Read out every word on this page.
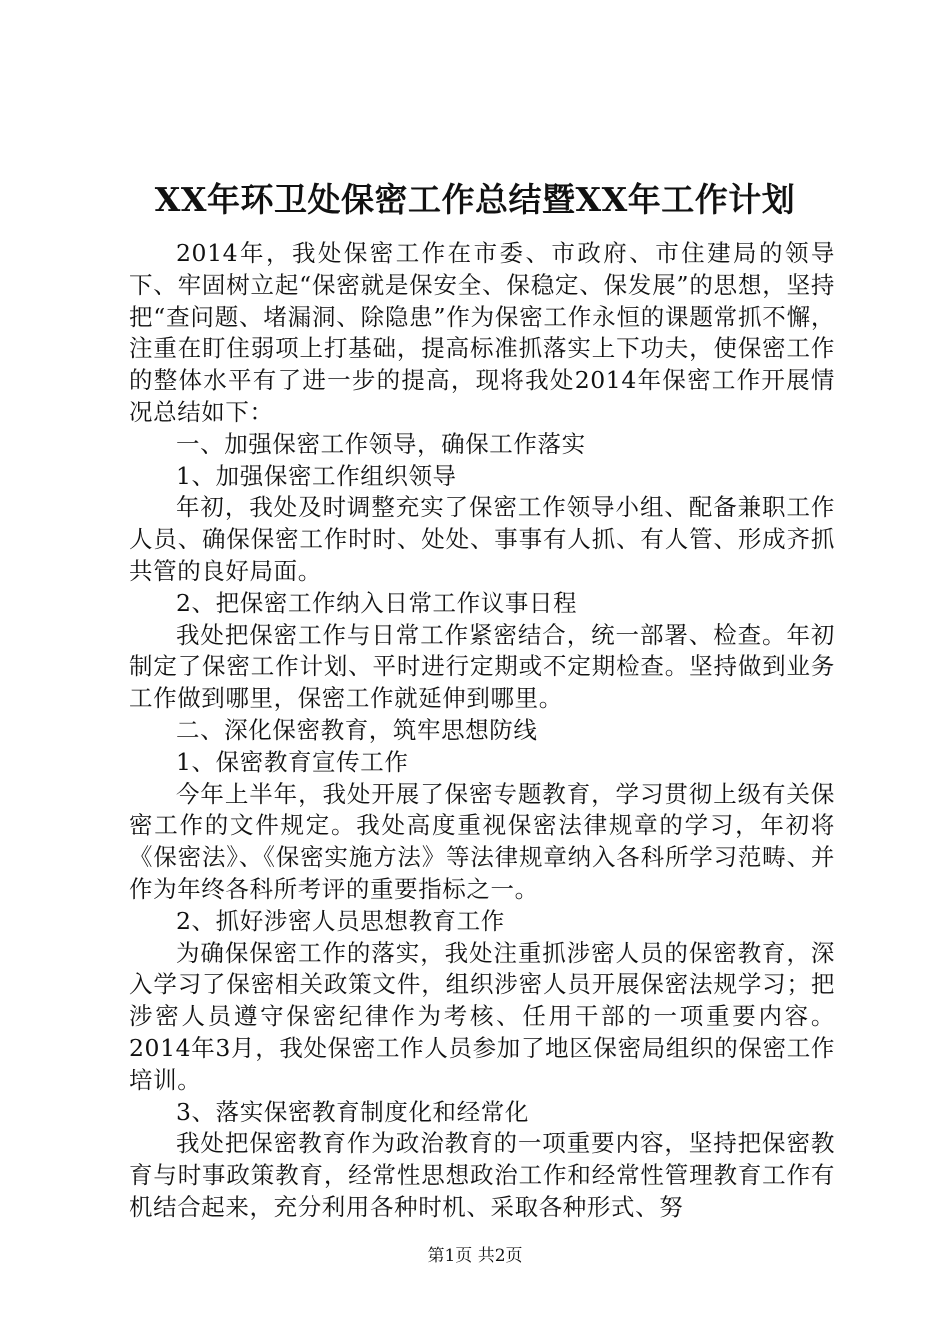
XX年环卫处保密工作总结暨XX年工作计划

2014年，我处保密工作在市委、市政府、市住建局的领导下、牢固树立起“保密就是保安全、保稳定、保发展”的思想，坚持把“查问题、堵漏洞、除隐患”作为保密工作永恒的课题常抓不懈，注重在盯住弱项上打基础，提高标准抓落实上下功夫，使保密工作的整体水平有了进一步的提高，现将我处2014年保密工作开展情况总结如下：

一、加强保密工作领导，确保工作落实

1、加强保密工作组织领导

年初，我处及时调整充实了保密工作领导小组、配备兼职工作人员、确保保密工作时时、处处、事事有人抓、有人管、形成齐抓共管的良好局面。

2、把保密工作纳入日常工作议事日程

我处把保密工作与日常工作紧密结合，统一部署、检查。年初制定了保密工作计划、平时进行定期或不定期检查。坚持做到业务工作做到哪里，保密工作就延伸到哪里。

二、深化保密教育，筑牢思想防线

1、保密教育宣传工作

今年上半年，我处开展了保密专题教育，学习贯彻上级有关保密工作的文件规定。我处高度重视保密法律规章的学习，年初将《保密法》、《保密实施方法》等法律规章纳入各科所学习范畴、并作为年终各科所考评的重要指标之一。

2、抓好涉密人员思想教育工作

为确保保密工作的落实，我处注重抓涉密人员的保密教育，深入学习了保密相关政策文件，组织涉密人员开展保密法规学习；把涉密人员遵守保密纪律作为考核、任用干部的一项重要内容。2014年3月，我处保密工作人员参加了地区保密局组织的保密工作培训。

3、落实保密教育制度化和经常化

我处把保密教育作为政治教育的一项重要内容，坚持把保密教育与时事政策教育，经常性思想政治工作和经常性管理教育工作有机结合起来，充分利用各种时机、采取各种形式、努

第1页 共2页
